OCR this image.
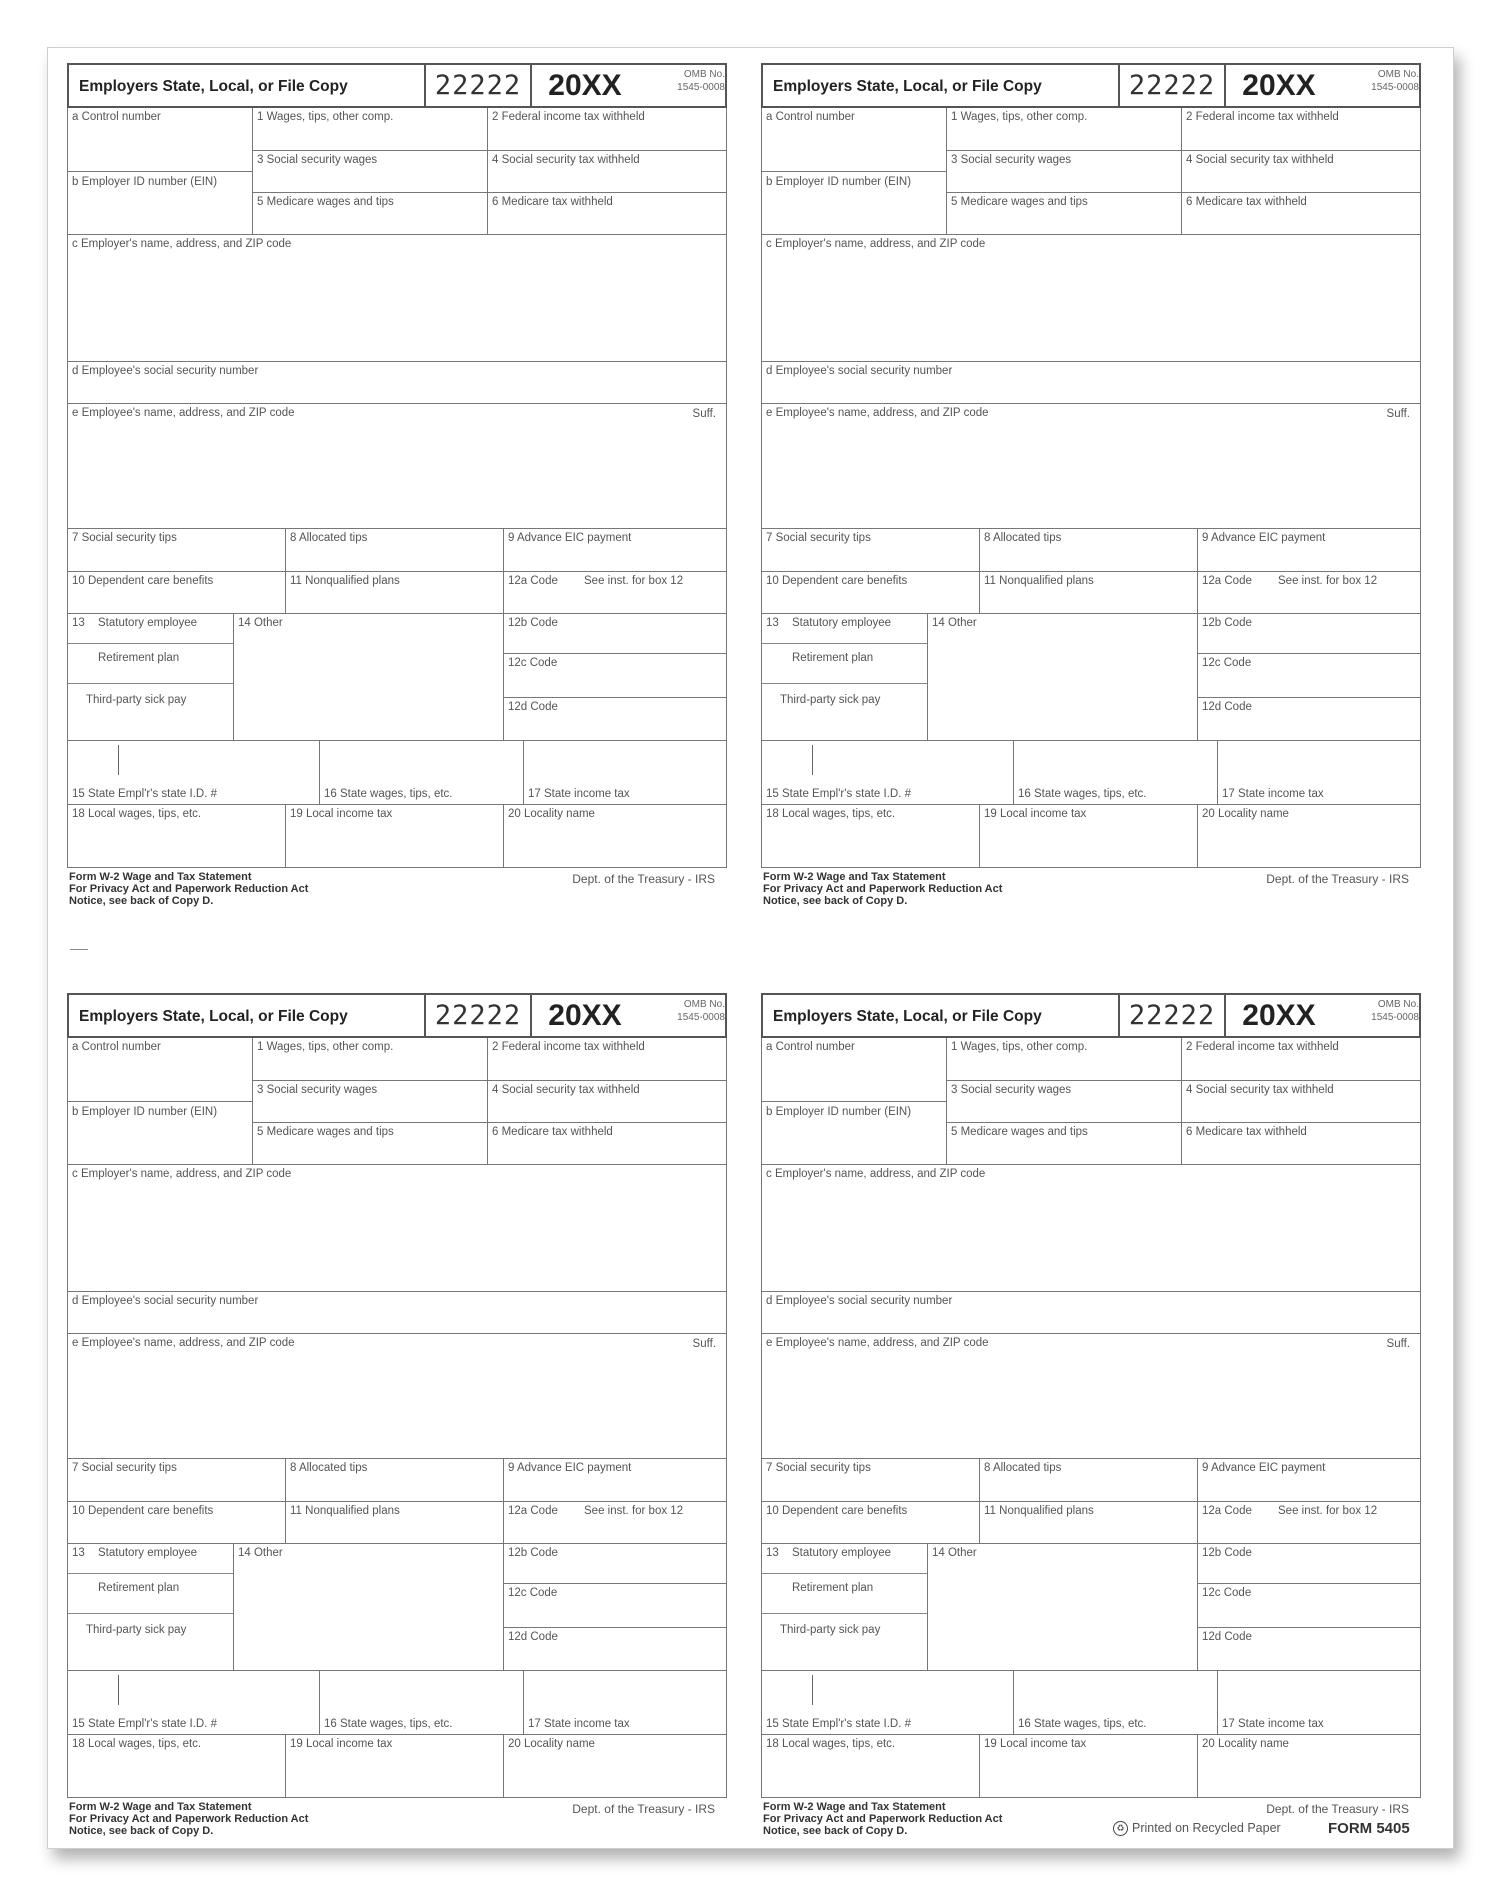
Employers State, Local, or File Copy	22222 20XX	OMB No.
1545-0008
a Control number
b Employer ID number (EIN)
1 Wages, tips, other comp.	2 Federal income tax withheld
3 Social security wages	4 Social security tax withheld
5 Medicare wages and tips	6 Medicare tax withheld
c Employer's name, address, and ZIP code
d Employee's social security number
e Employee's name, address, and ZIP code	Suff.
7 Social security tips	8 Allocated tips	9 Advance EIC payment
10 Dependent care benefits	11 Nonqualified plans	12a Code See inst. for box 12
13 Statutory employee
Retirement plan
Third-party sick pay
14 Other	12b Code
12c Code
12d Code
15 State Empl'r's state I.D. #	16 State wages, tips, etc.	17 State income tax
18 Local wages, tips, etc.	19 Local income tax	20 Locality name
Form W-2 Wage and Tax Statement
For Privacy Act and Paperwork Reduction Act
Notice, see back of Copy D.
Dept. of the Treasury - IRS
Employers State, Local, or File Copy	22222 20XX	OMB No.
1545-0008
a Control number
b Employer ID number (EIN)
1 Wages, tips, other comp.	2 Federal income tax withheld
3 Social security wages	4 Social security tax withheld
5 Medicare wages and tips	6 Medicare tax withheld
c Employer's name, address, and ZIP code
d Employee's social security number
e Employee's name, address, and ZIP code	Suff.
7 Social security tips	8 Allocated tips	9 Advance EIC payment
10 Dependent care benefits	11 Nonqualified plans	12a Code See inst. for box 12
13 Statutory employee
Retirement plan
Third-party sick pay
14 Other	12b Code
12c Code
12d Code
15 State Empl'r's state I.D. #	16 State wages, tips, etc.	17 State income tax
18 Local wages, tips, etc.	19 Local income tax	20 Locality name
Form W-2 Wage and Tax Statement
For Privacy Act and Paperwork Reduction Act
Notice, see back of Copy D.
Dept. of the Treasury - IRS
Employers State, Local, or File Copy	22222 20XX	OMB No.
1545-0008
a Control number
b Employer ID number (EIN)
1 Wages, tips, other comp.	2 Federal income tax withheld
3 Social security wages	4 Social security tax withheld
5 Medicare wages and tips	6 Medicare tax withheld
c Employer's name, address, and ZIP code
d Employee's social security number
e Employee's name, address, and ZIP code	Suff.
7 Social security tips	8 Allocated tips	9 Advance EIC payment
10 Dependent care benefits	11 Nonqualified plans	12a Code See inst. for box 12
13 Statutory employee
Retirement plan
Third-party sick pay
14 Other	12b Code
12c Code
12d Code
15 State Empl'r's state I.D. #	16 State wages, tips, etc.	17 State income tax
18 Local wages, tips, etc.	19 Local income tax	20 Locality name
Form W-2 Wage and Tax Statement
For Privacy Act and Paperwork Reduction Act
Notice, see back of Copy D.
Dept. of the Treasury - IRS
Employers State, Local, or File Copy	22222 20XX	OMB No.
1545-0008
a Control number
b Employer ID number (EIN)
1 Wages, tips, other comp.	2 Federal income tax withheld
3 Social security wages	4 Social security tax withheld
5 Medicare wages and tips	6 Medicare tax withheld
c Employer's name, address, and ZIP code
d Employee's social security number
e Employee's name, address, and ZIP code	Suff.
7 Social security tips	8 Allocated tips	9 Advance EIC payment
10 Dependent care benefits	11 Nonqualified plans	12a Code See inst. for box 12
13 Statutory employee
Retirement plan
Third-party sick pay
14 Other	12b Code
12c Code
12d Code
15 State Empl'r's state I.D. #	16 State wages, tips, etc.	17 State income tax
18 Local wages, tips, etc.	19 Local income tax	20 Locality name
Form W-2 Wage and Tax Statement
For Privacy Act and Paperwork Reduction Act
Notice, see back of Copy D.
Dept. of the Treasury - IRS
♻ Printed on Recycled Paper	FORM 5405
